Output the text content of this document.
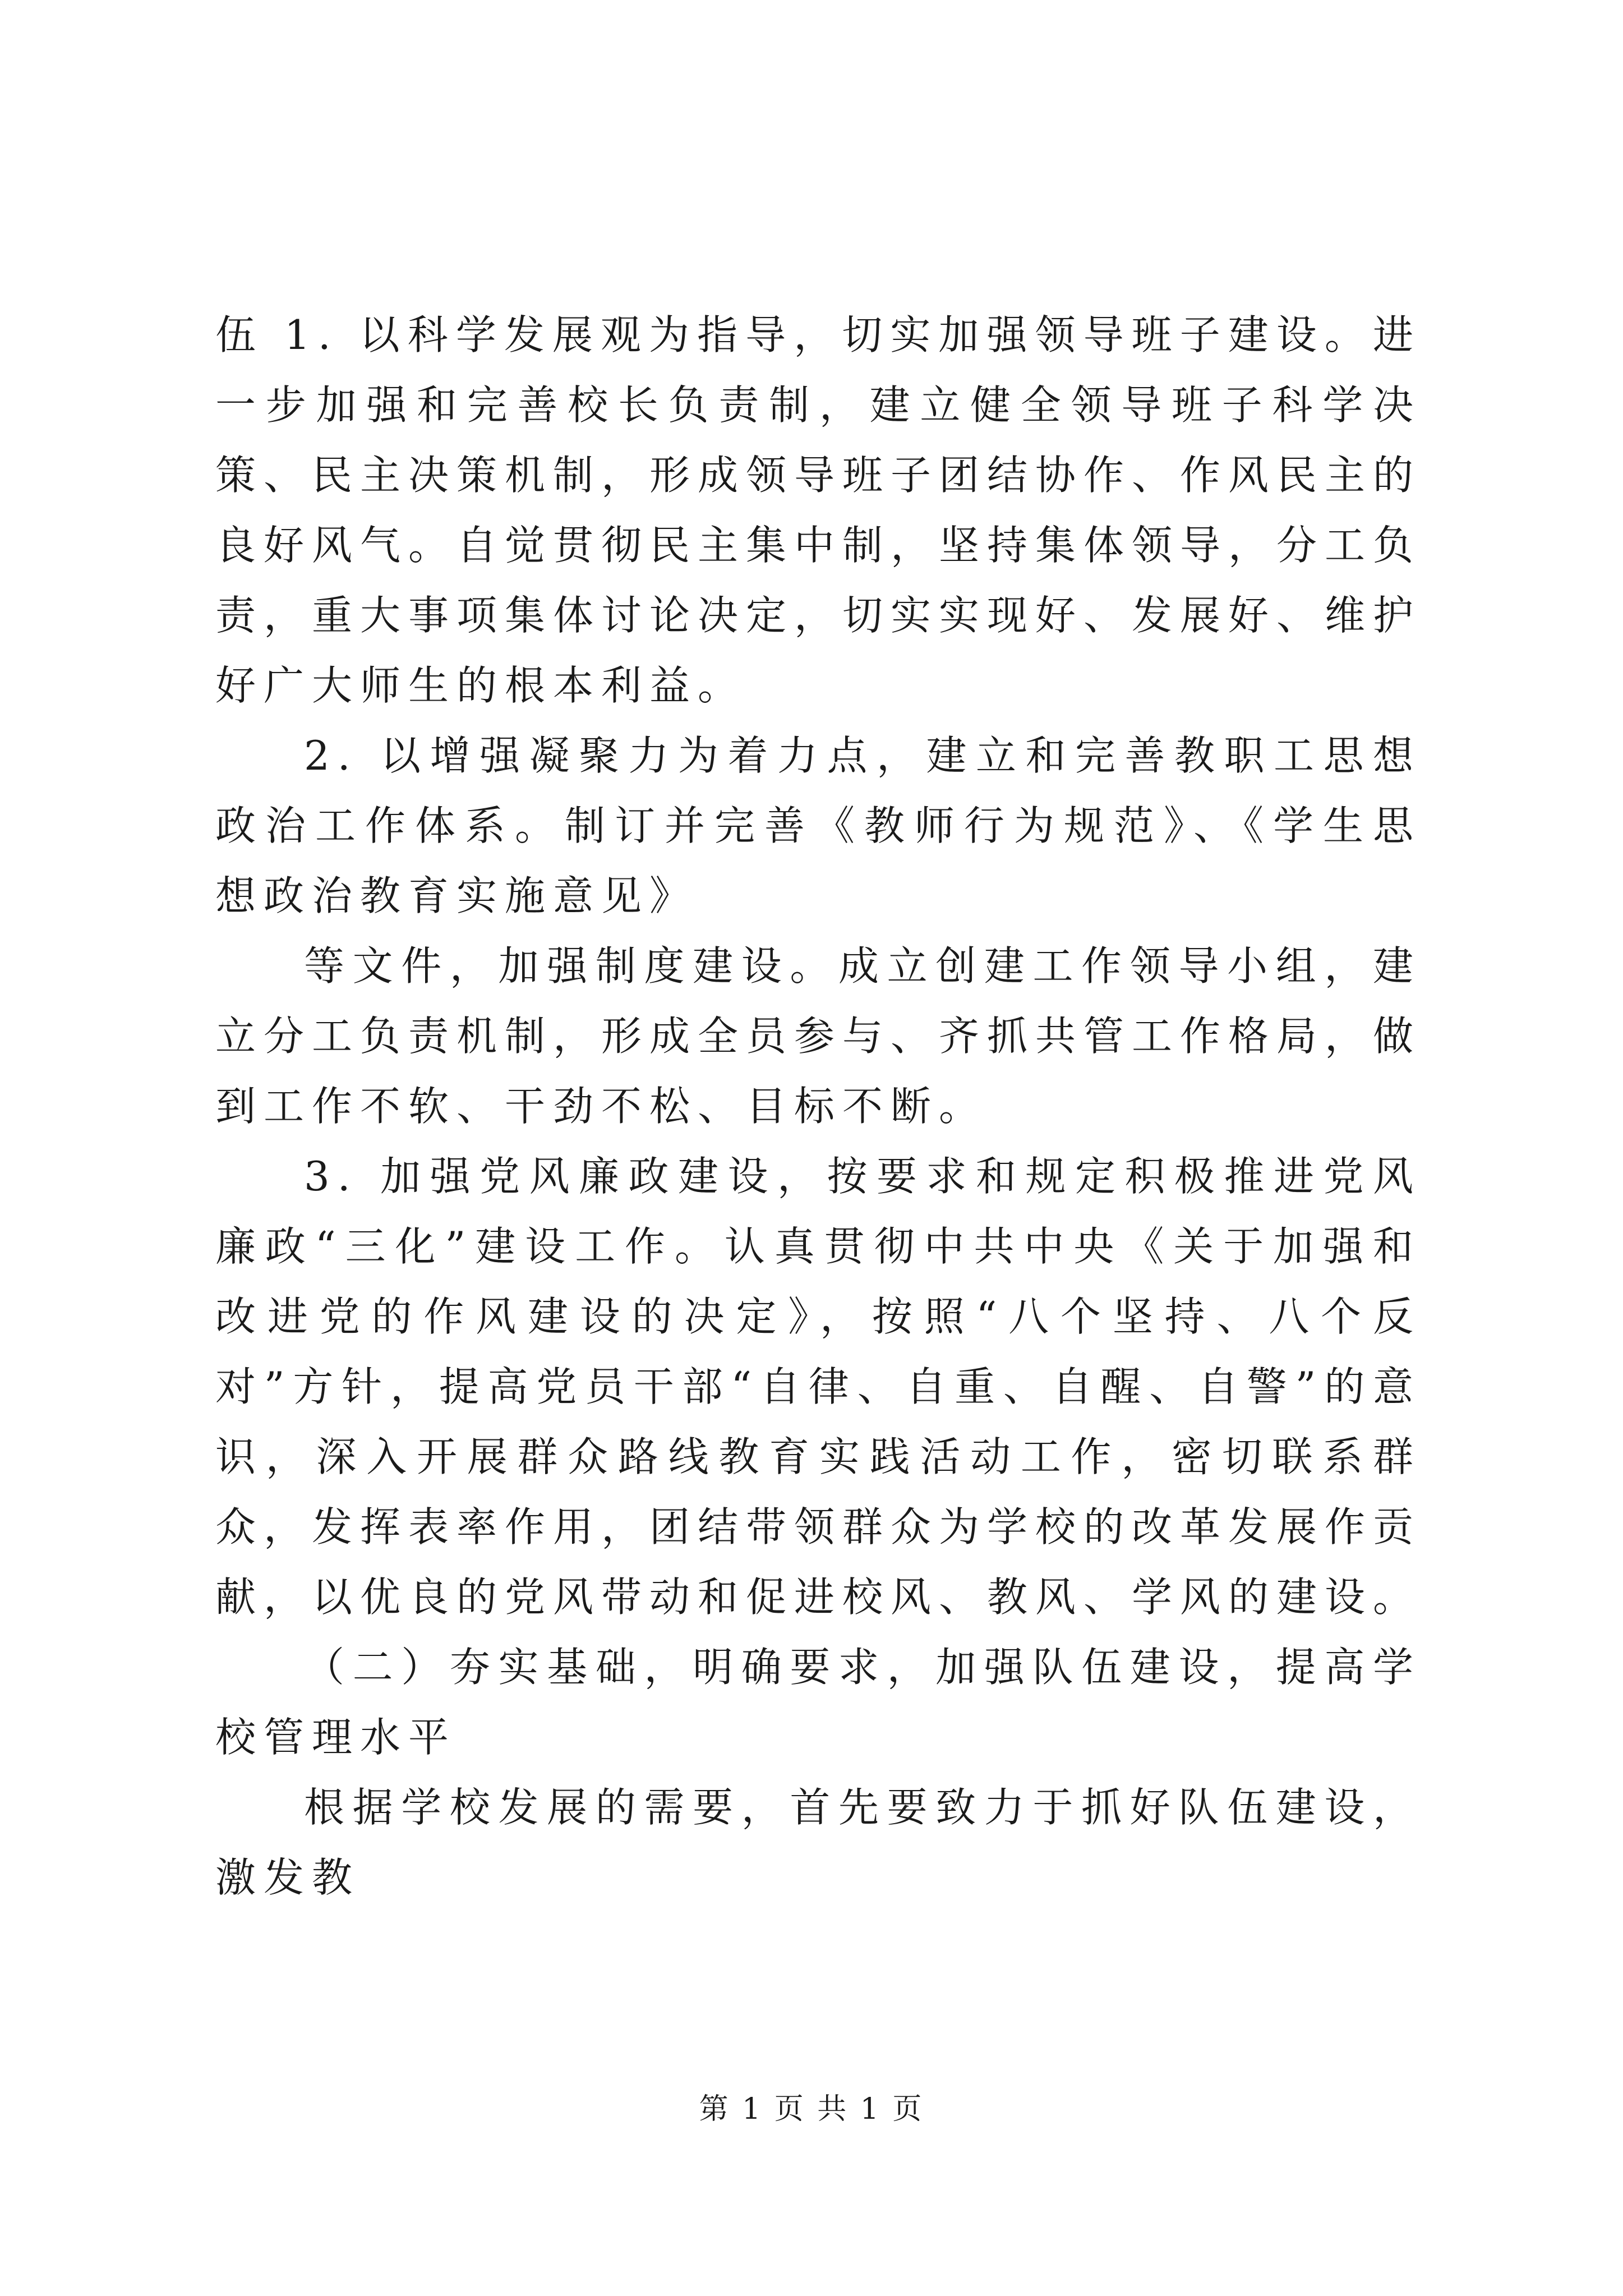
伍 1. 以科学发展观为指导，切实加强领导班子建设。进一步加强和完善校长负责制，建立健全领导班子科学决策、民主决策机制，形成领导班子团结协作、作风民主的良好风气。自觉贯彻民主集中制，坚持集体领导，分工负责，重大事项集体讨论决定，切实实现好、发展好、维护好广大师生的根本利益。

2. 以增强凝聚力为着力点，建立和完善教职工思想政治工作体系。制订并完善《教师行为规范》、《学生思想政治教育实施意见》

等文件，加强制度建设。成立创建工作领导小组，建立分工负责机制，形成全员参与、齐抓共管工作格局，做到工作不软、干劲不松、目标不断。

3. 加强党风廉政建设，按要求和规定积极推进党风廉政“三化”建设工作。认真贯彻中共中央《关于加强和改进党的作风建设的决定》，按照“八个坚持、八个反对”方针，提高党员干部“自律、自重、自醒、自警”的意识，深入开展群众路线教育实践活动工作，密切联系群众，发挥表率作用，团结带领群众为学校的改革发展作贡献，以优良的党风带动和促进校风、教风、学风的建设。

（二）夯实基础，明确要求，加强队伍建设，提高学校管理水平

根据学校发展的需要，首先要致力于抓好队伍建设，激发教

第 1 页 共 1 页
